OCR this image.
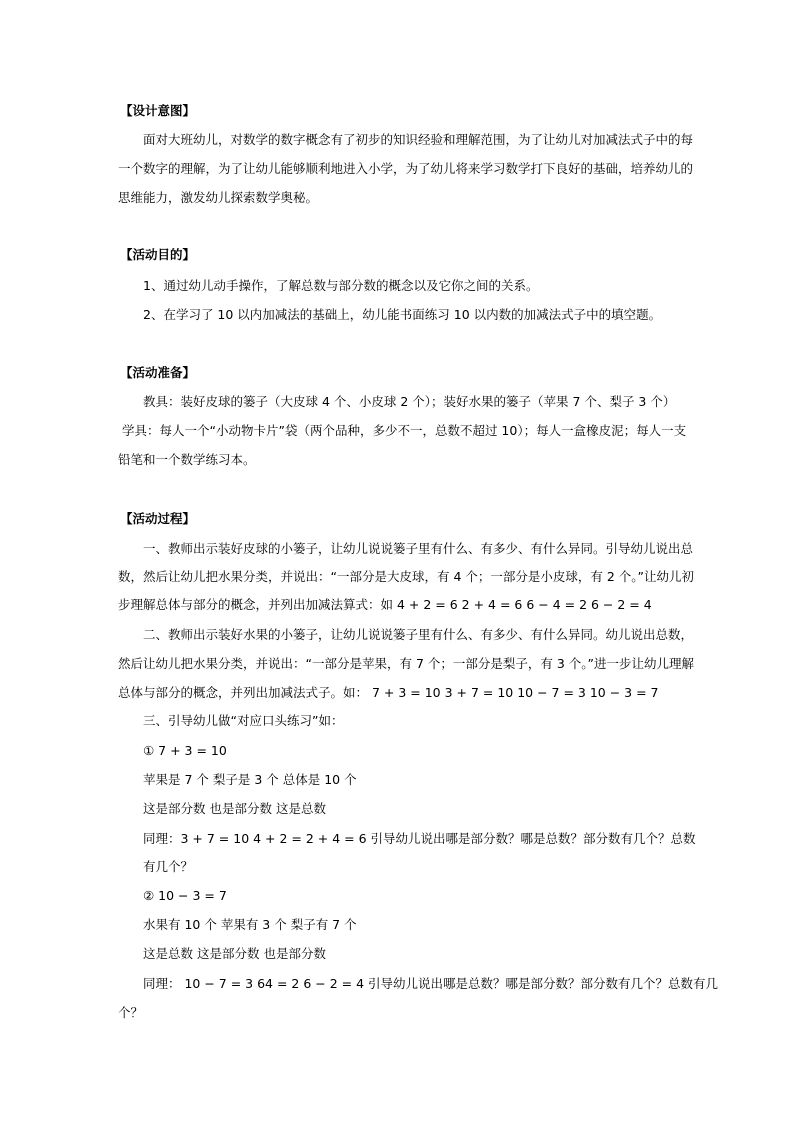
【设计意图】
面对大班幼儿，对数学的数字概念有了初步的知识经验和理解范围，为了让幼儿对加减法式子中的每
一个数字的理解，为了让幼儿能够顺利地进入小学，为了幼儿将来学习数学打下良好的基础，培养幼儿的
思维能力，激发幼儿探索数学奥秘。
【活动目的】
1、通过幼儿动手操作，了解总数与部分数的概念以及它你之间的关系。
2、在学习了 10 以内加减法的基础上，幼儿能书面练习 10 以内数的加减法式子中的填空题。
【活动准备】
教具：装好皮球的篓子（大皮球 4 个、小皮球 2 个）；装好水果的篓子（苹果 7 个、梨子 3 个）
学具：每人一个“小动物卡片”袋（两个品种，多少不一，总数不超过 10）；每人一盒橡皮泥；每人一支
铅笔和一个数学练习本。
【活动过程】
一、教师出示装好皮球的小篓子，让幼儿说说篓子里有什么、有多少、有什么异同。引导幼儿说出总
数，然后让幼儿把水果分类，并说出：“一部分是大皮球，有 4 个；一部分是小皮球，有 2 个。”让幼儿初
步理解总体与部分的概念，并列出加减法算式：如 4 + 2 = 6 2 + 4 = 6 6 − 4 = 2 6 − 2 = 4
二、教师出示装好水果的小篓子，让幼儿说说篓子里有什么、有多少、有什么异同。幼儿说出总数，
然后让幼儿把水果分类，并说出：“一部分是苹果，有 7 个；一部分是梨子，有 3 个。”进一步让幼儿理解
总体与部分的概念，并列出加减法式子。如： 7 + 3 = 10 3 + 7 = 10 10 − 7 = 3 10 − 3 = 7
三、引导幼儿做“对应口头练习”如：
① 7 + 3 = 10
苹果是 7 个 梨子是 3 个 总体是 10 个
这是部分数 也是部分数 这是总数
同理：3 + 7 = 10 4 + 2 = 2 + 4 = 6 引导幼儿说出哪是部分数？哪是总数？部分数有几个？总数
有几个？
② 10 − 3 = 7
水果有 10 个 苹果有 3 个 梨子有 7 个
这是总数 这是部分数 也是部分数
同理： 10 − 7 = 3 64 = 2 6 − 2 = 4 引导幼儿说出哪是总数？哪是部分数？部分数有几个？总数有几
个？
